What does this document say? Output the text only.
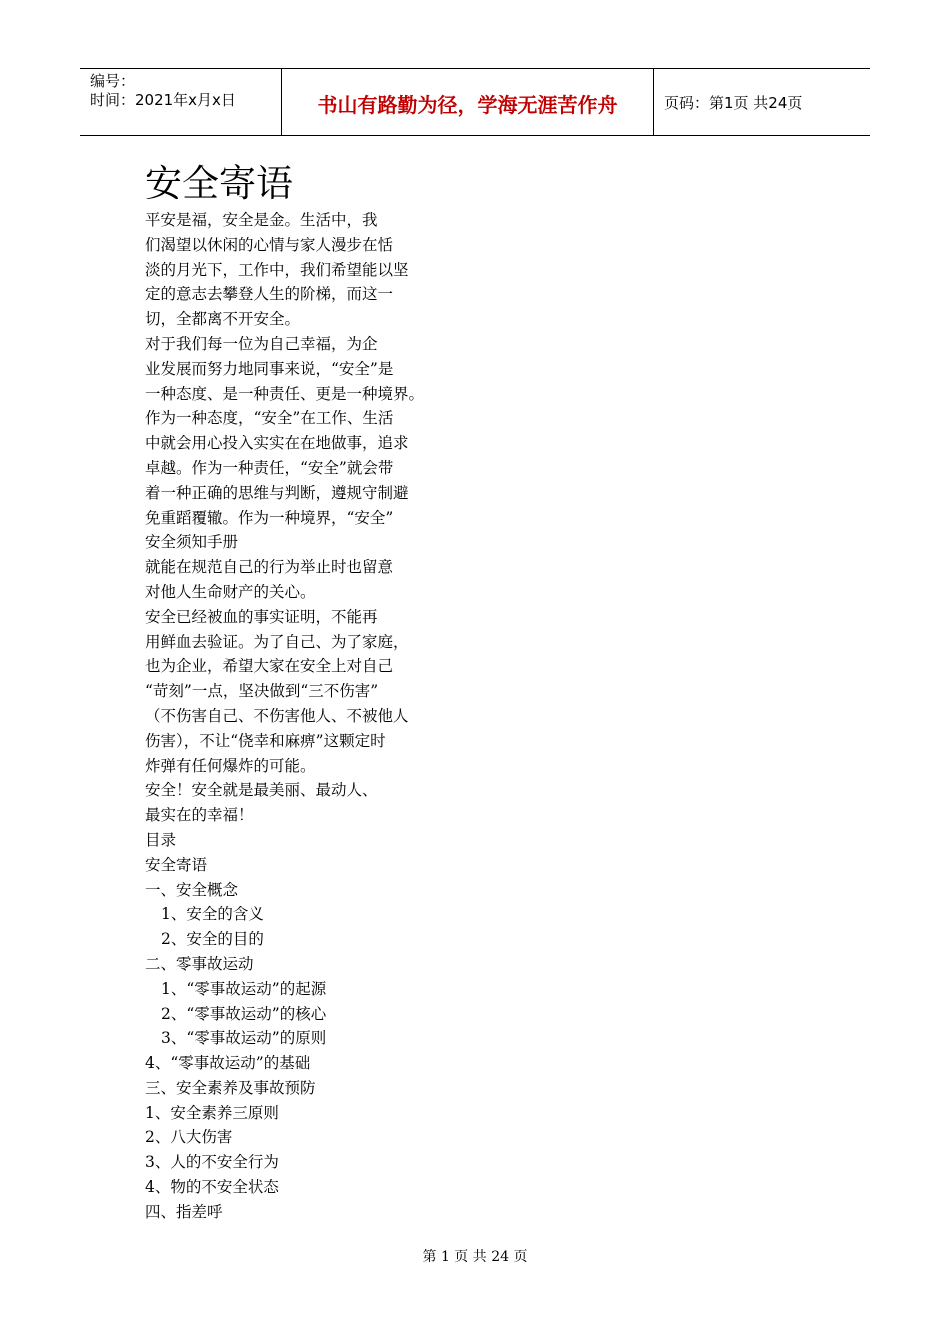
编号：
时间：2021年x月x日	书山有路勤为径，学海无涯苦作舟	页码：第1页 共24页
安全寄语
平安是福，安全是金。生活中，我
们渴望以休闲的心情与家人漫步在恬
淡的月光下，工作中，我们希望能以坚
定的意志去攀登人生的阶梯，而这一
切，全都离不开安全。
对于我们每一位为自己幸福，为企
业发展而努力地同事来说，“安全”是
一种态度、是一种责任、更是一种境界。
作为一种态度，“安全”在工作、生活
中就会用心投入实实在在地做事，追求
卓越。作为一种责任，“安全”就会带
着一种正确的思维与判断，遵规守制避
免重蹈覆辙。作为一种境界，“安全”
安全须知手册
就能在规范自己的行为举止时也留意
对他人生命财产的关心。
安全已经被血的事实证明，不能再
用鲜血去验证。为了自己、为了家庭，
也为企业，希望大家在安全上对自己
“苛刻”一点，坚决做到“三不伤害”
（不伤害自己、不伤害他人、不被他人
伤害），不让“侥幸和麻痹”这颗定时
炸弹有任何爆炸的可能。
安全！安全就是最美丽、最动人、
最实在的幸福！
目录
安全寄语
一、安全概念
1、安全的含义
2、安全的目的
二、零事故运动
1、“零事故运动”的起源
2、“零事故运动”的核心
3、“零事故运动”的原则
4、“零事故运动”的基础
三、安全素养及事故预防
1、安全素养三原则
2、八大伤害
3、人的不安全行为
4、物的不安全状态
四、指差呼
第 1 页 共 24 页
